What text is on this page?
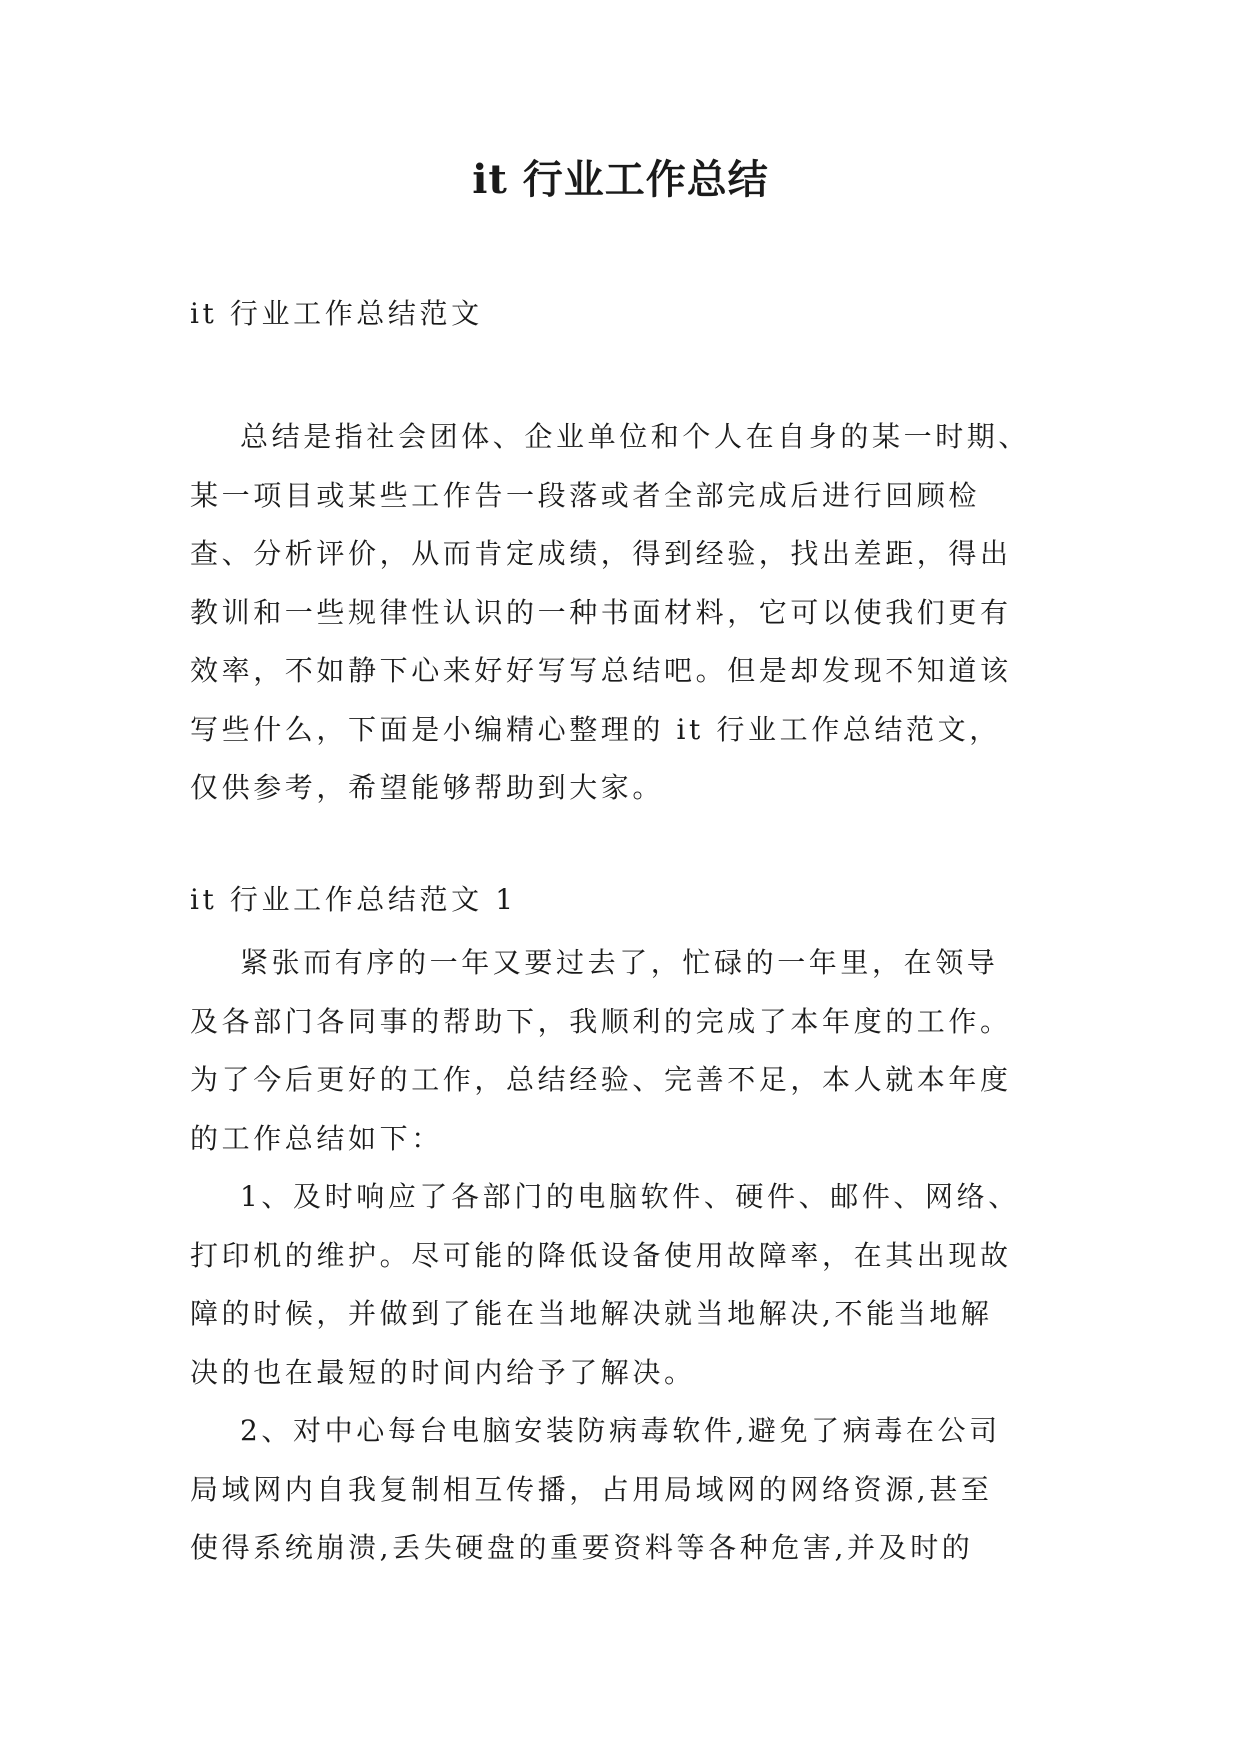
it 行业工作总结

it 行业工作总结范文

总结是指社会团体、企业单位和个人在自身的某一时期、

某一项目或某些工作告一段落或者全部完成后进行回顾检

查、分析评价，从而肯定成绩，得到经验，找出差距，得出

教训和一些规律性认识的一种书面材料，它可以使我们更有

效率，不如静下心来好好写写总结吧。但是却发现不知道该

写些什么，下面是小编精心整理的 it 行业工作总结范文，

仅供参考，希望能够帮助到大家。

it 行业工作总结范文 1

紧张而有序的一年又要过去了，忙碌的一年里，在领导

及各部门各同事的帮助下，我顺利的完成了本年度的工作。

为了今后更好的工作，总结经验、完善不足，本人就本年度

的工作总结如下：

1、及时响应了各部门的电脑软件、硬件、邮件、网络、

打印机的维护。尽可能的降低设备使用故障率，在其出现故

障的时候，并做到了能在当地解决就当地解决,不能当地解

决的也在最短的时间内给予了解决。

2、对中心每台电脑安装防病毒软件,避免了病毒在公司

局域网内自我复制相互传播，占用局域网的网络资源,甚至

使得系统崩溃,丢失硬盘的重要资料等各种危害,并及时的
